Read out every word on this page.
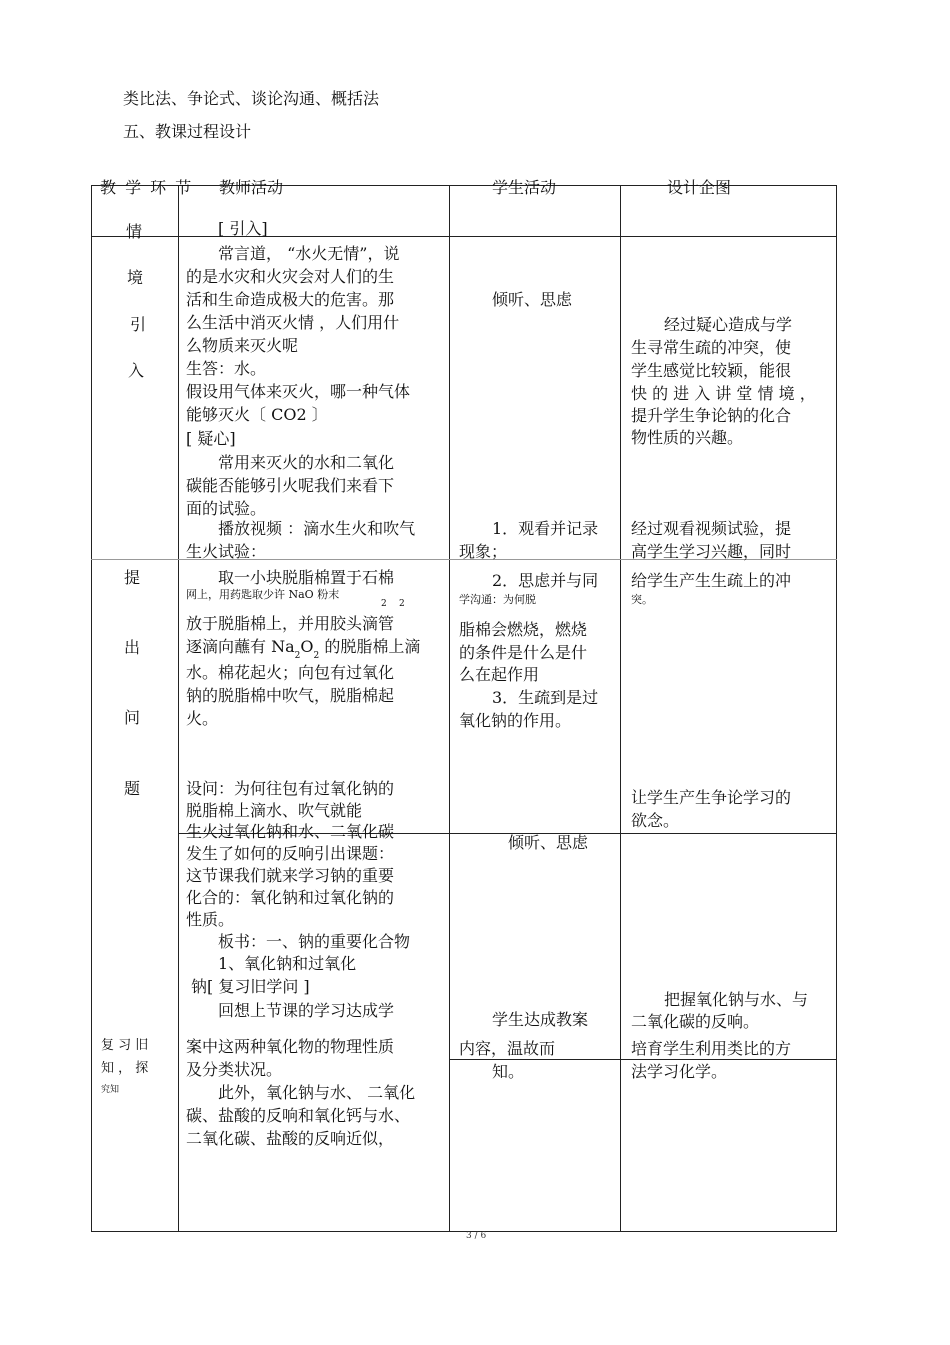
类比法、争论式、谈论沟通、概括法
五、教课过程设计
教 学 环 节 教师活动	学生活动	设计企图
情
境
引
入
提
出
问
题
复 习 旧
知 ， 探
究知
[ 引入]
常言道， “水火无情”，说
的是水灾和火灾会对人们的生
活和生命造成极大的危害。那
么生活中消灭火情 ，人们用什
么物质来灭火呢
生答：水。
假设用气体来灭火，哪一种气体
能够灭火〔 CO2 〕
[ 疑心]
常用来灭火的水和二氧化
碳能否能够引火呢我们来看下
面的试验。
播放视频 ：滴水生火和吹气
生火试验：
取一小块脱脂棉置于石棉
网上，用药匙取少许 NaO 粉末
2 2
放于脱脂棉上，并用胶头滴管
逐滴向蘸有 $Na_2O_2$ 的脱脂棉上滴
水。棉花起火；向包有过氧化
钠的脱脂棉中吹气，脱脂棉起
火。
设问：为何往包有过氧化钠的
脱脂棉上滴水、吹气就能
生火过氧化钠和水、二氧化碳
发生了如何的反响引出课题：
这节课我们就来学习钠的重要
化合的：氧化钠和过氧化钠的
性质。
板书：一、钠的重要化合物
1、氧化钠和过氧化
钠[ 复习旧学问 ]
回想上节课的学习达成学
案中这两种氧化物的物理性质
及分类状况。
此外，氧化钠与水、 二氧化
碳、盐酸的反响和氧化钙与水、
二氧化碳、盐酸的反响近似，
倾听、思虑
1．观看并记录
现象；
2．思虑并与同
学沟通：为何脱
脂棉会燃烧，燃烧
的条件是什么是什
么在起作用
3．生疏到是过
氧化钠的作用。
倾听、思虑
学生达成教案
内容，温故而
知。
经过疑心造成与学
生寻常生疏的冲突，使
学生感觉比较颖，能很
快 的 进 入 讲 堂 情 境 ，
提升学生争论钠的化合
物性质的兴趣。
经过观看视频试验，提
高学生学习兴趣，同时
给学生产生生疏上的冲
突。
让学生产生争论学习的
欲念。
把握氧化钠与水、与
二氧化碳的反响。
培育学生利用类比的方
法学习化学。
3 / 6
